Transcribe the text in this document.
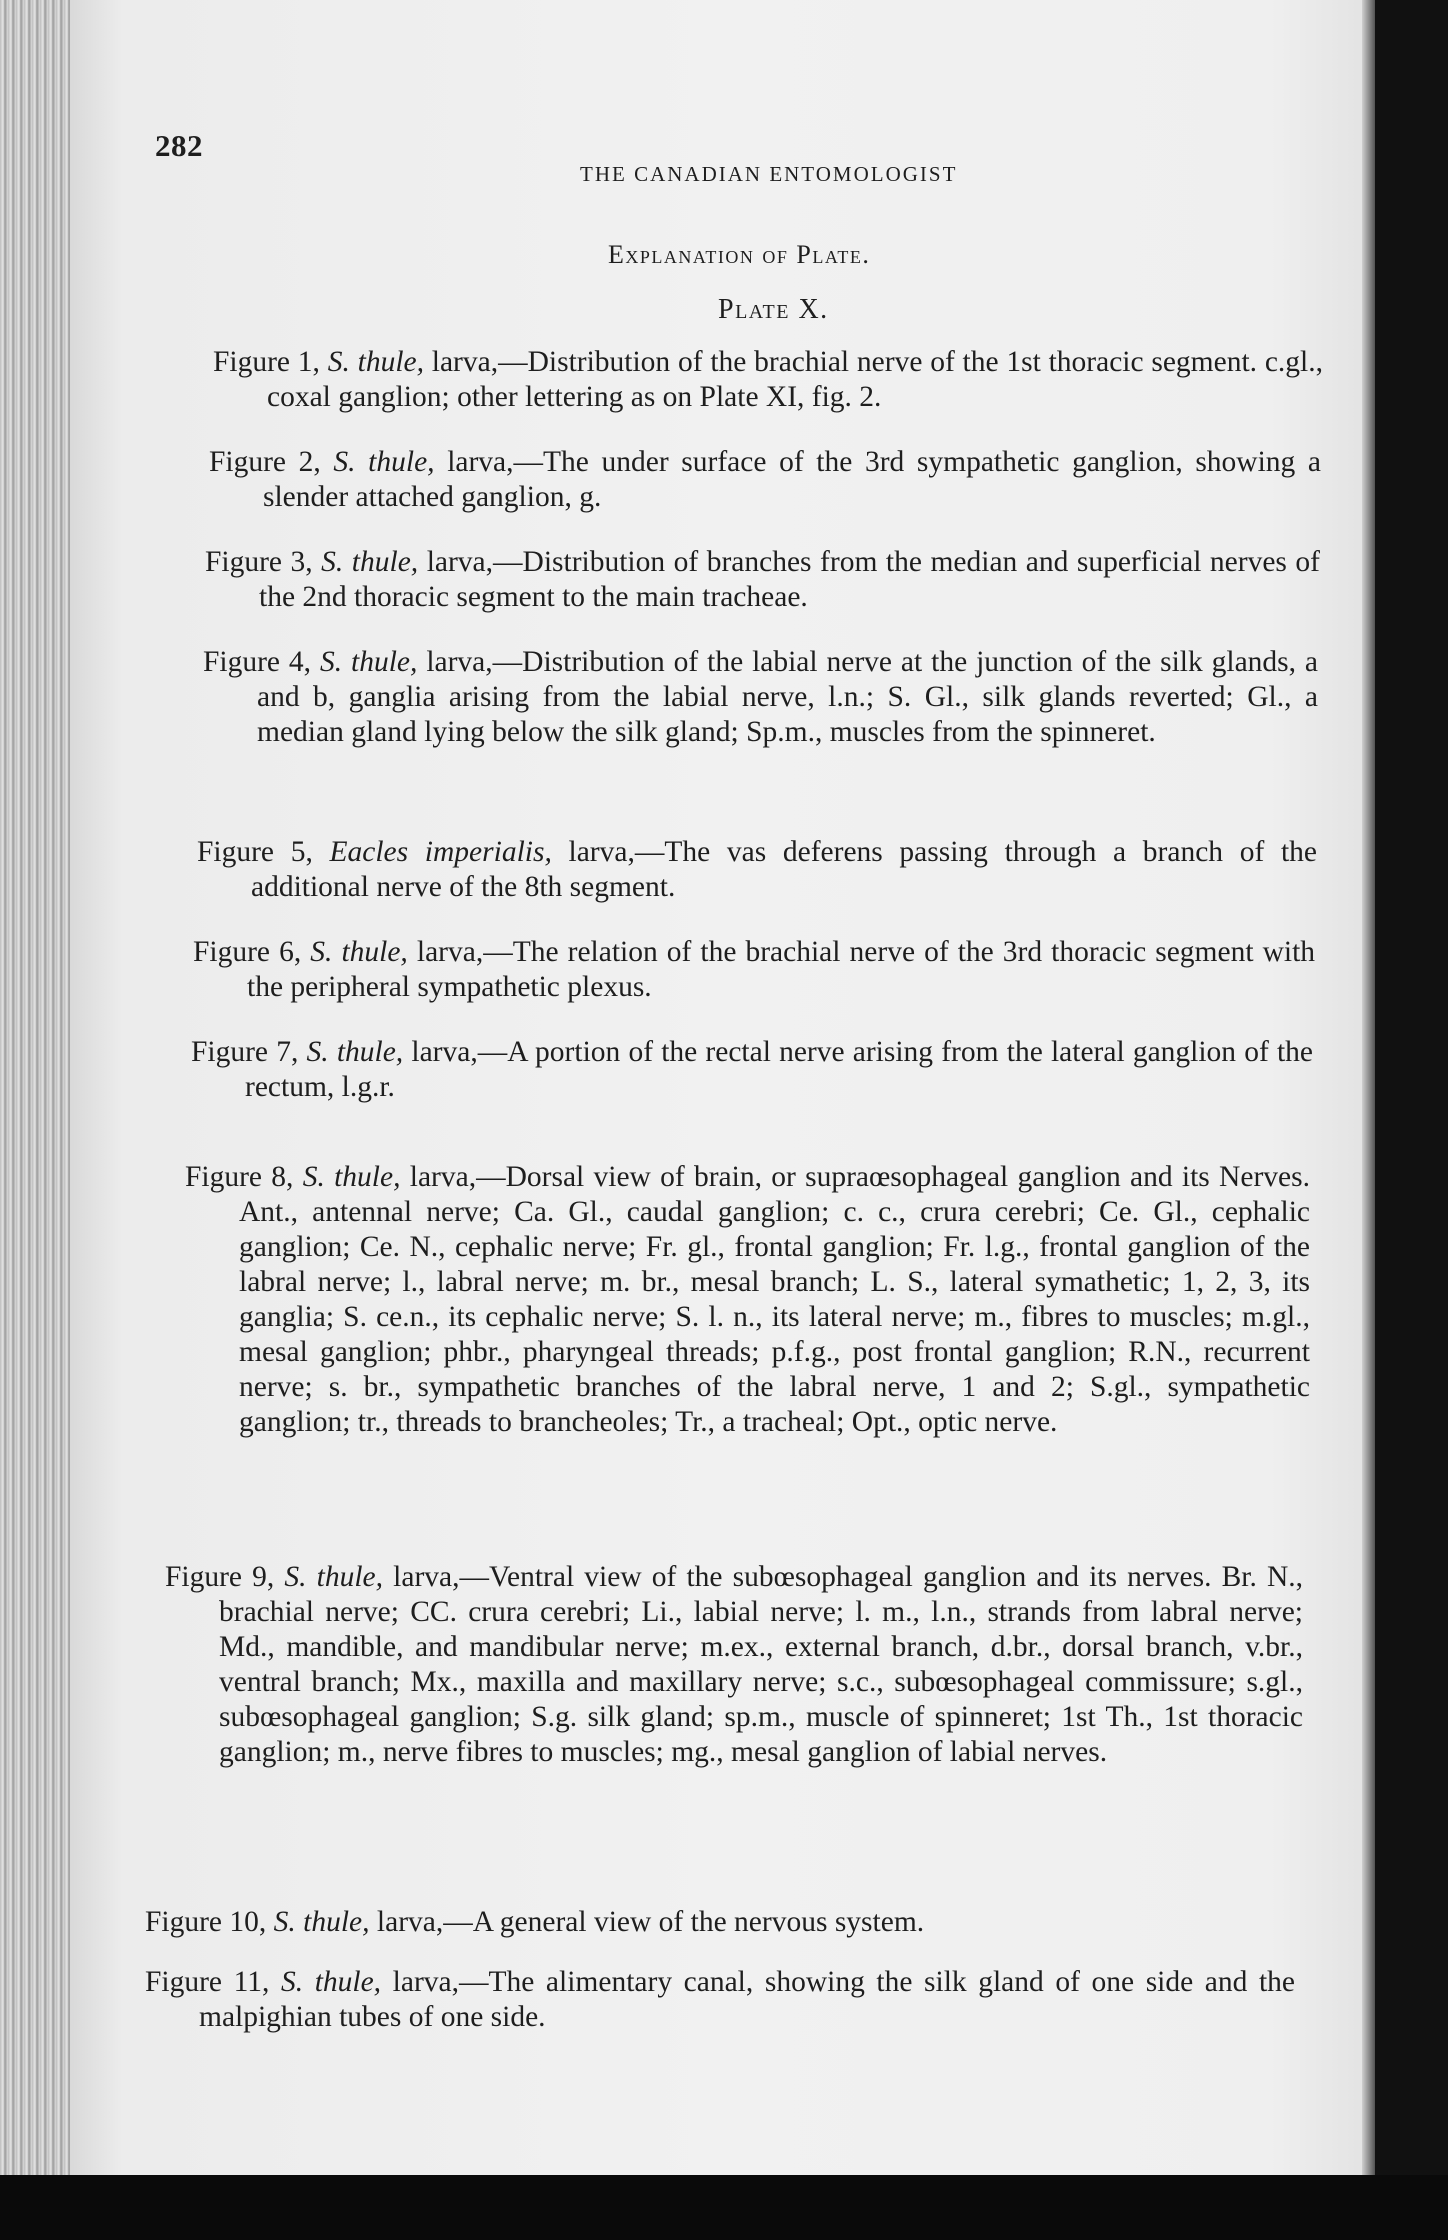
282
THE CANADIAN ENTOMOLOGIST
Explanation of Plate.
Plate X.
Figure 1, S. thule, larva,—Distribution of the brachial nerve of the 1st thoracic segment. c.gl., coxal ganglion; other lettering as on Plate XI, fig. 2.
Figure 2, S. thule, larva,—The under surface of the 3rd sympathetic ganglion, showing a slender attached ganglion, g.
Figure 3, S. thule, larva,—Distribution of branches from the median and superficial nerves of the 2nd thoracic segment to the main tracheae.
Figure 4, S. thule, larva,—Distribution of the labial nerve at the junction of the silk glands, a and b, ganglia arising from the labial nerve, l.n.; S. Gl., silk glands reverted; Gl., a median gland lying below the silk gland; Sp.m., muscles from the spinneret.
Figure 5, Eacles imperialis, larva,—The vas deferens passing through a branch of the additional nerve of the 8th segment.
Figure 6, S. thule, larva,—The relation of the brachial nerve of the 3rd thoracic segment with the peripheral sympathetic plexus.
Figure 7, S. thule, larva,—A portion of the rectal nerve arising from the lateral ganglion of the rectum, l.g.r.
Figure 8, S. thule, larva,—Dorsal view of brain, or supraœsophageal ganglion and its Nerves. Ant., antennal nerve; Ca. Gl., caudal ganglion; c. c., crura cerebri; Ce. Gl., cephalic ganglion; Ce. N., cephalic nerve; Fr. gl., frontal ganglion; Fr. l.g., frontal ganglion of the labral nerve; l., labral nerve; m. br., mesal branch; L. S., lateral symathetic; 1, 2, 3, its ganglia; S. ce.n., its cephalic nerve; S. l. n., its lateral nerve; m., fibres to muscles; m.gl., mesal ganglion; phbr., pharyngeal threads; p.f.g., post frontal ganglion; R.N., recurrent nerve; s. br., sympathetic branches of the labral nerve, 1 and 2; S.gl., sympathetic ganglion; tr., threads to brancheoles; Tr., a tracheal; Opt., optic nerve.
Figure 9, S. thule, larva,—Ventral view of the subœsophageal ganglion and its nerves. Br. N., brachial nerve; CC. crura cerebri; Li., labial nerve; l. m., l.n., strands from labral nerve; Md., mandible, and mandibular nerve; m.ex., external branch, d.br., dorsal branch, v.br., ventral branch; Mx., maxilla and maxillary nerve; s.c., subœsophageal commissure; s.gl., subœsophageal ganglion; S.g. silk gland; sp.m., muscle of spinneret; 1st Th., 1st thoracic ganglion; m., nerve fibres to muscles; mg., mesal ganglion of labial nerves.
Figure 10, S. thule, larva,—A general view of the nervous system.
Figure 11, S. thule, larva,—The alimentary canal, showing the silk gland of one side and the malpighian tubes of one side.
